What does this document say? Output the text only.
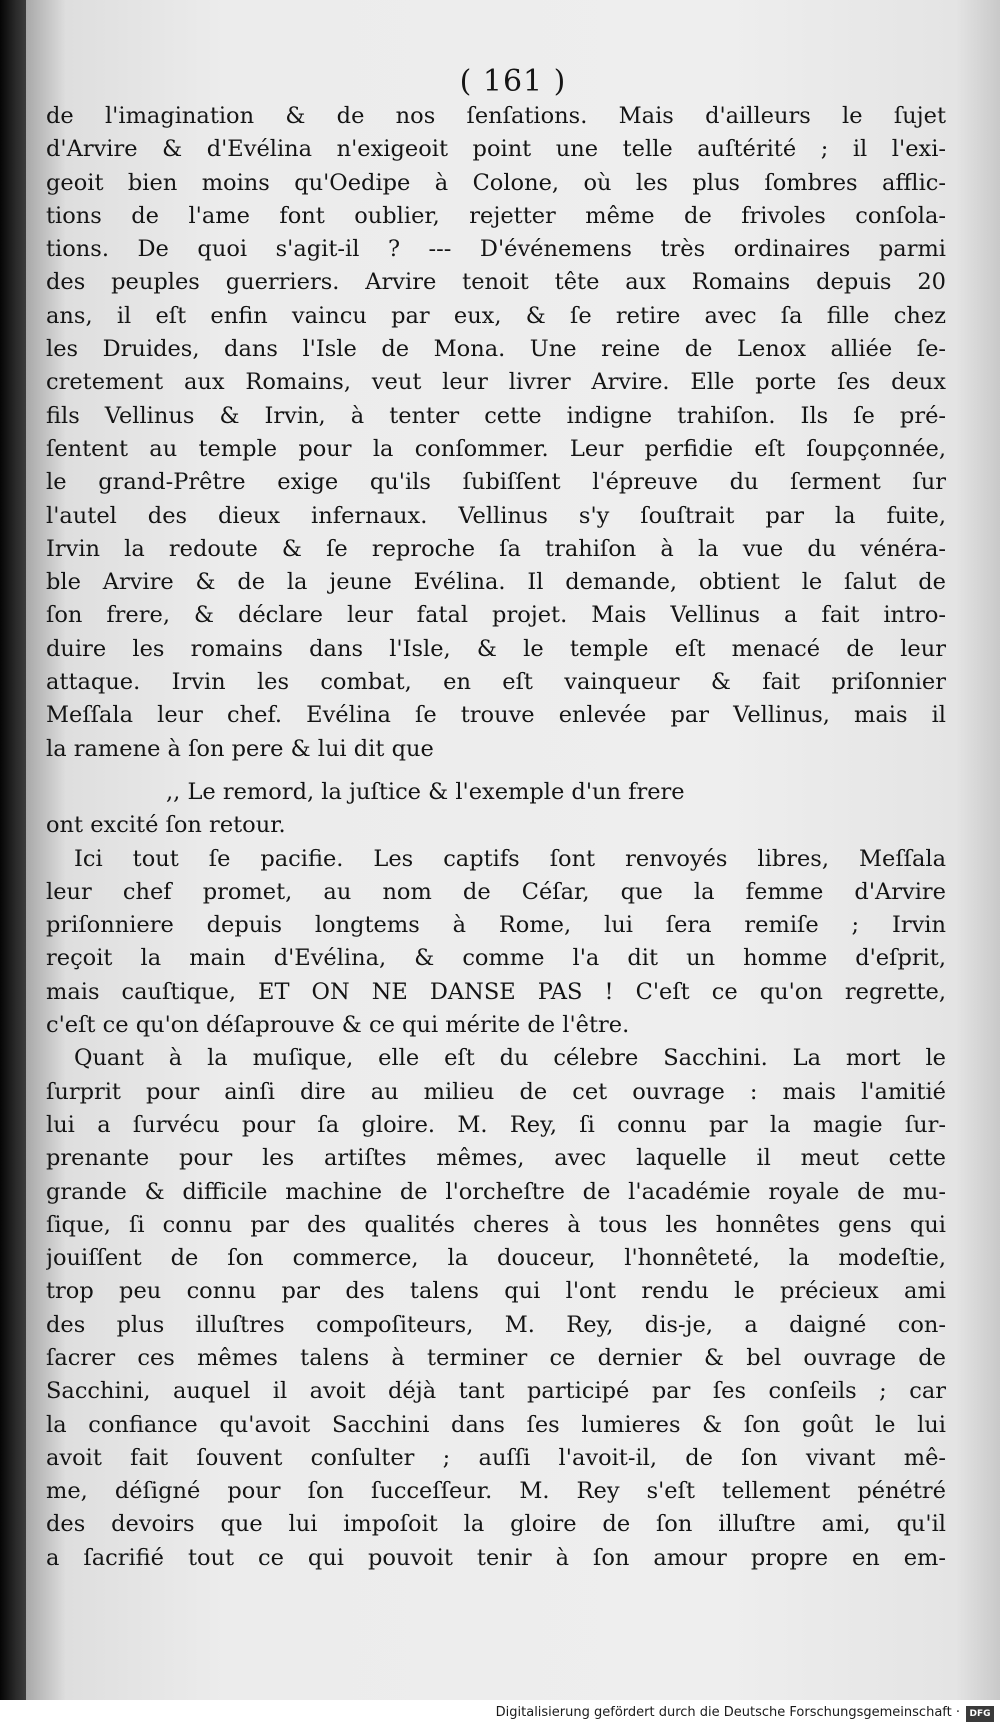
( 161 )
de l'imagination & de nos ſenſations. Mais d'ailleurs le ſujet
d'Arvire & d'Evélina n'exigeoit point une telle auſtérité ; il l'exi-
geoit bien moins qu'Oedipe à Colone, où les plus ſombres afflic-
tions de l'ame font oublier, rejetter même de frivoles conſola-
tions. De quoi s'agit-il ? --- D'événemens très ordinaires parmi
des peuples guerriers. Arvire tenoit tête aux Romains depuis 20
ans, il eſt enfin vaincu par eux, & ſe retire avec ſa fille chez
les Druides, dans l'Isle de Mona. Une reine de Lenox alliée ſe-
cretement aux Romains, veut leur livrer Arvire. Elle porte ſes deux
fils Vellinus & Irvin, à tenter cette indigne trahiſon. Ils ſe pré-
ſentent au temple pour la conſommer. Leur perfidie eſt ſoupçonnée,
le grand-Prêtre exige qu'ils ſubiſſent l'épreuve du ſerment ſur
l'autel des dieux infernaux. Vellinus s'y ſouſtrait par la fuite,
Irvin la redoute & ſe reproche ſa trahiſon à la vue du vénéra-
ble Arvire & de la jeune Evélina. Il demande, obtient le ſalut de
ſon frere, & déclare leur fatal projet. Mais Vellinus a fait intro-
duire les romains dans l'Isle, & le temple eſt menacé de leur
attaque. Irvin les combat, en eſt vainqueur & fait priſonnier
Meſſala leur chef. Evélina ſe trouve enlevée par Vellinus, mais il
la ramene à ſon pere & lui dit que
,, Le remord, la juſtice & l'exemple d'un frere
ont excité ſon retour.
Ici tout ſe pacifie. Les captifs ſont renvoyés libres, Meſſala
leur chef promet, au nom de Céſar, que la femme d'Arvire
priſonniere depuis longtems à Rome, lui ſera remiſe ; Irvin
reçoit la main d'Evélina, & comme l'a dit un homme d'eſprit,
mais cauſtique, ET ON NE DANSE PAS ! C'eſt ce qu'on regrette,
c'eſt ce qu'on déſaprouve & ce qui mérite de l'être.
Quant à la muſique, elle eſt du célebre Sacchini. La mort le
ſurprit pour ainſi dire au milieu de cet ouvrage : mais l'amitié
lui a ſurvécu pour ſa gloire. M. Rey, ſi connu par la magie ſur-
prenante pour les artiſtes mêmes, avec laquelle il meut cette
grande & difficile machine de l'orcheſtre de l'académie royale de mu-
ſique, ſi connu par des qualités cheres à tous les honnêtes gens qui
jouiſſent de ſon commerce, la douceur, l'honnêteté, la modeſtie,
trop peu connu par des talens qui l'ont rendu le précieux ami
des plus illuſtres compoſiteurs, M. Rey, dis-je, a daigné con-
ſacrer ces mêmes talens à terminer ce dernier & bel ouvrage de
Sacchini, auquel il avoit déjà tant participé par ſes conſeils ; car
la confiance qu'avoit Sacchini dans ſes lumieres & ſon goût le lui
avoit fait ſouvent conſulter ; auſſi l'avoit-il, de ſon vivant mê-
me, déſigné pour ſon ſucceſſeur. M. Rey s'eſt tellement pénétré
des devoirs que lui impoſoit la gloire de ſon illuſtre ami, qu'il
a ſacrifié tout ce qui pouvoit tenir à ſon amour propre en em-
Digitalisierung gefördert durch die Deutsche Forschungsgemeinschaft ·	DFG
